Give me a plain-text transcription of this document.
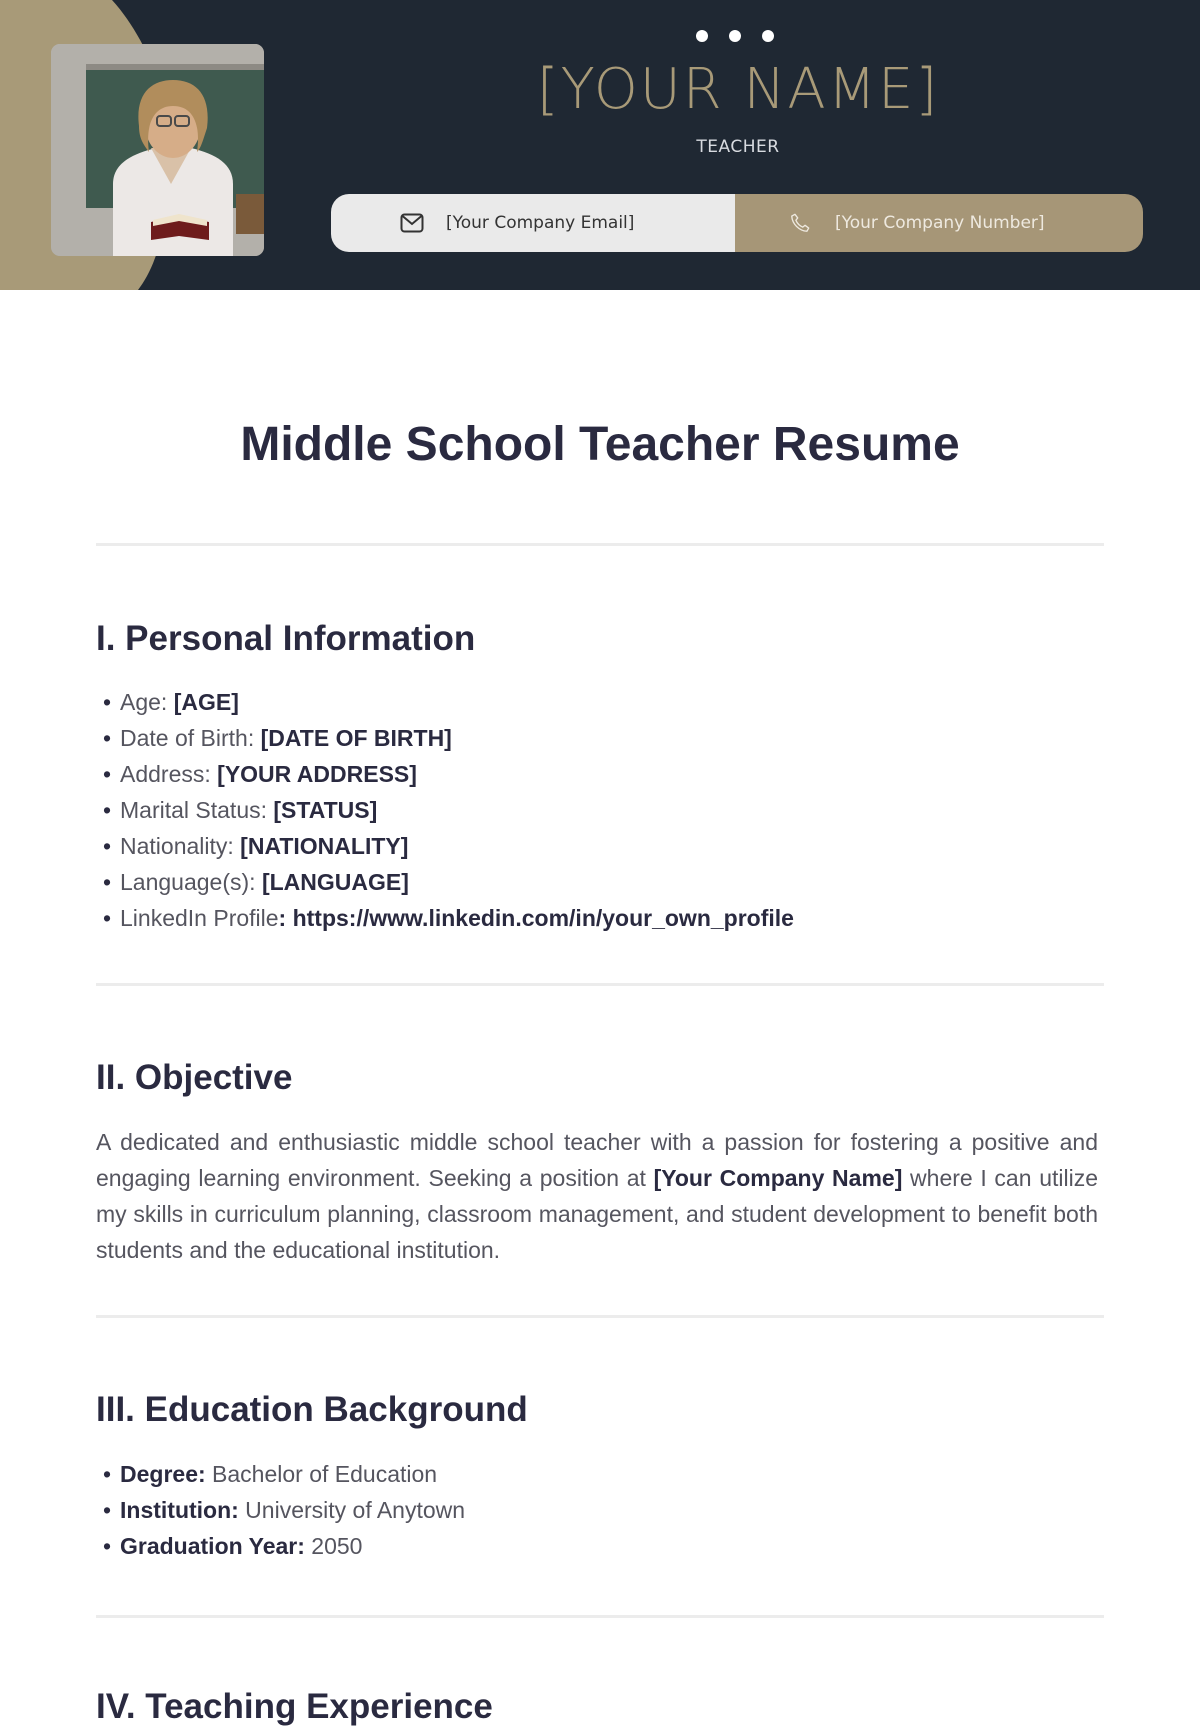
[YOUR NAME]
TEACHER
[Your Company Email]	[Your Company Number]
Middle School Teacher Resume
I. Personal Information
• Age: [AGE]
• Date of Birth: [DATE OF BIRTH]
• Address: [YOUR ADDRESS]
• Marital Status: [STATUS]
• Nationality: [NATIONALITY]
• Language(s): [LANGUAGE]
• LinkedIn Profile: https://www.linkedin.com/in/your_own_profile
II. Objective

A dedicated and enthusiastic middle school teacher with a passion for fostering a positive and engaging learning environment. Seeking a position at [Your Company Name] where I can utilize my skills in curriculum planning, classroom management, and student development to benefit both students and the educational institution.

III. Education Background
• Degree: Bachelor of Education
• Institution: University of Anytown
• Graduation Year: 2050
IV. Teaching Experience
